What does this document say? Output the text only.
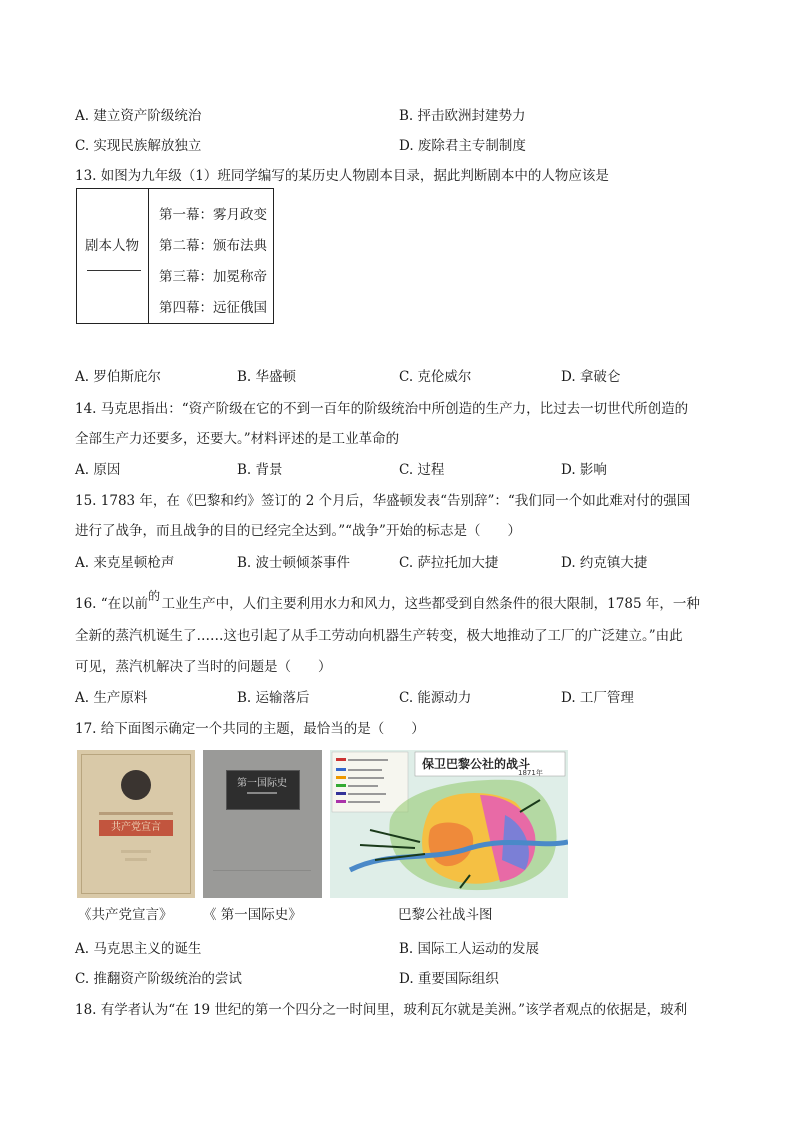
A. 建立资产阶级统治	B. 抨击欧洲封建势力
C. 实现民族解放独立	D. 废除君主专制制度
13. 如图为九年级（1）班同学编写的某历史人物剧本目录，据此判断剧本中的人物应该是
剧本人物
第一幕：雾月政变
第二幕：颁布法典
第三幕：加冕称帝
第四幕：远征俄国
A. 罗伯斯庇尔	B. 华盛顿	C. 克伦威尔	D. 拿破仑
14. 马克思指出：“资产阶级在它的不到一百年的阶级统治中所创造的生产力，比过去一切世代所创造的
全部生产力还要多，还要大。”材料评述的是工业革命的
A. 原因	B. 背景	C. 过程	D. 影响
15. 1783 年，在《巴黎和约》签订的 2 个月后，华盛顿发表“告别辞”：“我们同一个如此难对付的强国
进行了战争，而且战争的目的已经完全达到。”“战争”开始的标志是（　　）
A. 来克星顿枪声	B. 波士顿倾茶事件	C. 萨拉托加大捷	D. 约克镇大捷
16. “在以前 的 工业生产中，人们主要利用水力和风力，这些都受到自然条件的很大限制，1785 年，一种
全新的蒸汽机诞生了……这也引起了从手工劳动向机器生产转变，极大地推动了工厂的广泛建立。”由此
可见，蒸汽机解决了当时的问题是（　　）
A. 生产原料	B. 运输落后	C. 能源动力	D. 工厂管理
17. 给下面图示确定一个共同的主题，最恰当的是（　　）
共产党宣言
第一国际史
保卫巴黎公社的战斗
1871年
《共产党宣言》 《 第一国际史》	巴黎公社战斗图
A. 马克思主义的诞生	B. 国际工人运动的发展
C. 推翻资产阶级统治的尝试	D. 重要国际组织
18. 有学者认为“在 19 世纪的第一个四分之一时间里，玻利瓦尔就是美洲。”该学者观点的依据是，玻利
